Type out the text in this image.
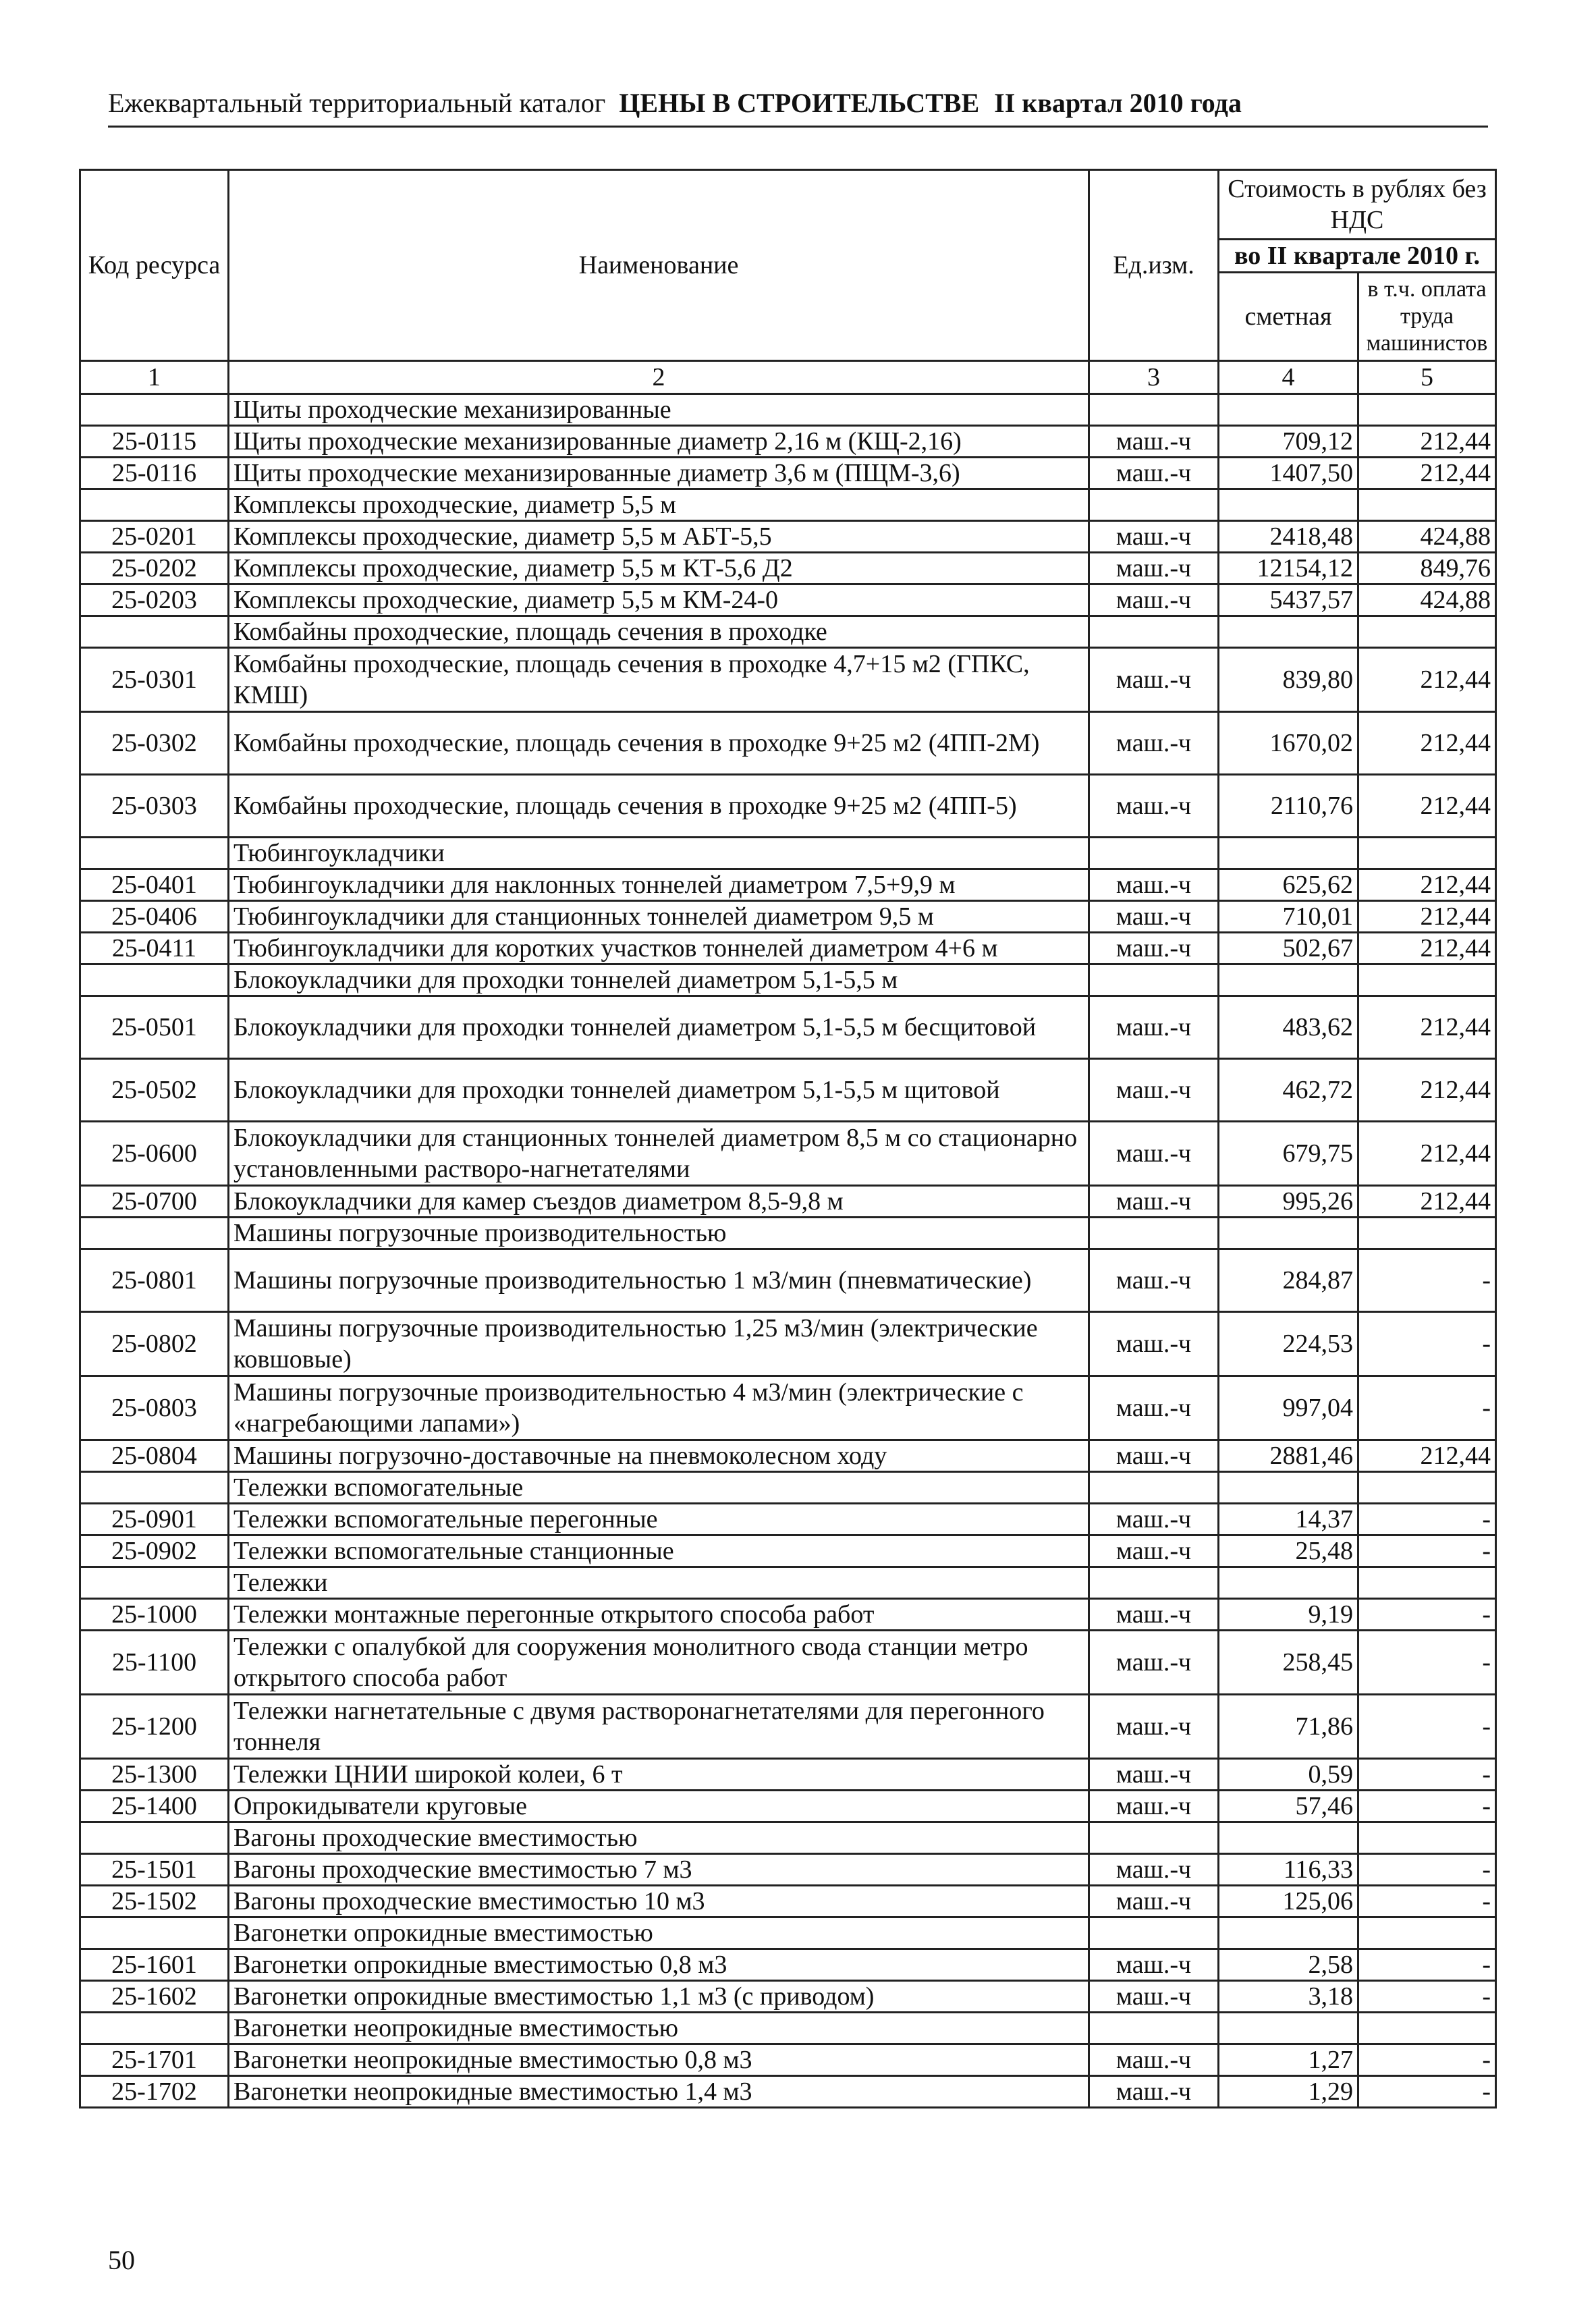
Ежеквартальный территориальный каталог ЦЕНЫ В СТРОИТЕЛЬСТВЕ II квартал 2010 года
Код ресурса	Наименование	Ед.изм.	Стоимость в рублях без НДС	
			во II квартале 2010 г.	
			сметная	в т.ч. оплата труда машинистов
1	2	3	4	5
	Щиты проходческие механизированные			
25-0115	Щиты проходческие механизированные диаметр 2,16 м (КЩ-2,16)	маш.-ч	709,12	212,44
25-0116	Щиты проходческие механизированные диаметр 3,6 м (ПЩМ-3,6)	маш.-ч	1407,50	212,44
	Комплексы проходческие, диаметр 5,5 м			
25-0201	Комплексы проходческие, диаметр 5,5 м АБТ-5,5	маш.-ч	2418,48	424,88
25-0202	Комплексы проходческие, диаметр 5,5 м КТ-5,6 Д2	маш.-ч	12154,12	849,76
25-0203	Комплексы проходческие, диаметр 5,5 м КМ-24-0	маш.-ч	5437,57	424,88
	Комбайны проходческие, площадь сечения в проходке			
25-0301	Комбайны проходческие, площадь сечения в проходке 4,7+15 м2 (ГПКС, КМШ)	маш.-ч	839,80	212,44
25-0302	Комбайны проходческие, площадь сечения в проходке 9+25 м2 (4ПП-2М)	маш.-ч	1670,02	212,44
25-0303	Комбайны проходческие, площадь сечения в проходке 9+25 м2 (4ПП-5)	маш.-ч	2110,76	212,44
	Тюбингоукладчики			
25-0401	Тюбингоукладчики для наклонных тоннелей диаметром 7,5+9,9 м	маш.-ч	625,62	212,44
25-0406	Тюбингоукладчики для станционных тоннелей диаметром 9,5 м	маш.-ч	710,01	212,44
25-0411	Тюбингоукладчики для коротких участков тоннелей диаметром 4+6 м	маш.-ч	502,67	212,44
	Блокоукладчики для проходки тоннелей диаметром 5,1-5,5 м			
25-0501	Блокоукладчики для проходки тоннелей диаметром 5,1-5,5 м бесщитовой	маш.-ч	483,62	212,44
25-0502	Блокоукладчики для проходки тоннелей диаметром 5,1-5,5 м щитовой	маш.-ч	462,72	212,44
25-0600	Блокоукладчики для станционных тоннелей диаметром 8,5 м со стационарно установленными растворо-нагнетателями	маш.-ч	679,75	212,44
25-0700	Блокоукладчики для камер съездов диаметром 8,5-9,8 м	маш.-ч	995,26	212,44
	Машины погрузочные производительностью			
25-0801	Машины погрузочные производительностью 1 м3/мин (пневматические)	маш.-ч	284,87	-
25-0802	Машины погрузочные производительностью 1,25 м3/мин (электрические ковшовые)	маш.-ч	224,53	-
25-0803	Машины погрузочные производительностью 4 м3/мин (электрические с «нагребающими лапами»)	маш.-ч	997,04	-
25-0804	Машины погрузочно-доставочные на пневмоколесном ходу	маш.-ч	2881,46	212,44
	Тележки вспомогательные			
25-0901	Тележки вспомогательные перегонные	маш.-ч	14,37	-
25-0902	Тележки вспомогательные станционные	маш.-ч	25,48	-
	Тележки			
25-1000	Тележки монтажные перегонные открытого способа работ	маш.-ч	9,19	-
25-1100	Тележки с опалубкой для сооружения монолитного свода станции метро открытого способа работ	маш.-ч	258,45	-
25-1200	Тележки нагнетательные с двумя растворонагнетателями для перегонного тоннеля	маш.-ч	71,86	-
25-1300	Тележки ЦНИИ широкой колеи, 6 т	маш.-ч	0,59	-
25-1400	Опрокидыватели круговые	маш.-ч	57,46	-
	Вагоны проходческие вместимостью			
25-1501	Вагоны проходческие вместимостью 7 м3	маш.-ч	116,33	-
25-1502	Вагоны проходческие вместимостью 10 м3	маш.-ч	125,06	-
	Вагонетки опрокидные вместимостью			
25-1601	Вагонетки опрокидные вместимостью 0,8 м3	маш.-ч	2,58	-
25-1602	Вагонетки опрокидные вместимостью 1,1 м3 (с приводом)	маш.-ч	3,18	-
	Вагонетки неопрокидные вместимостью			
25-1701	Вагонетки неопрокидные вместимостью 0,8 м3	маш.-ч	1,27	-
25-1702	Вагонетки неопрокидные вместимостью 1,4 м3	маш.-ч	1,29	-
50
